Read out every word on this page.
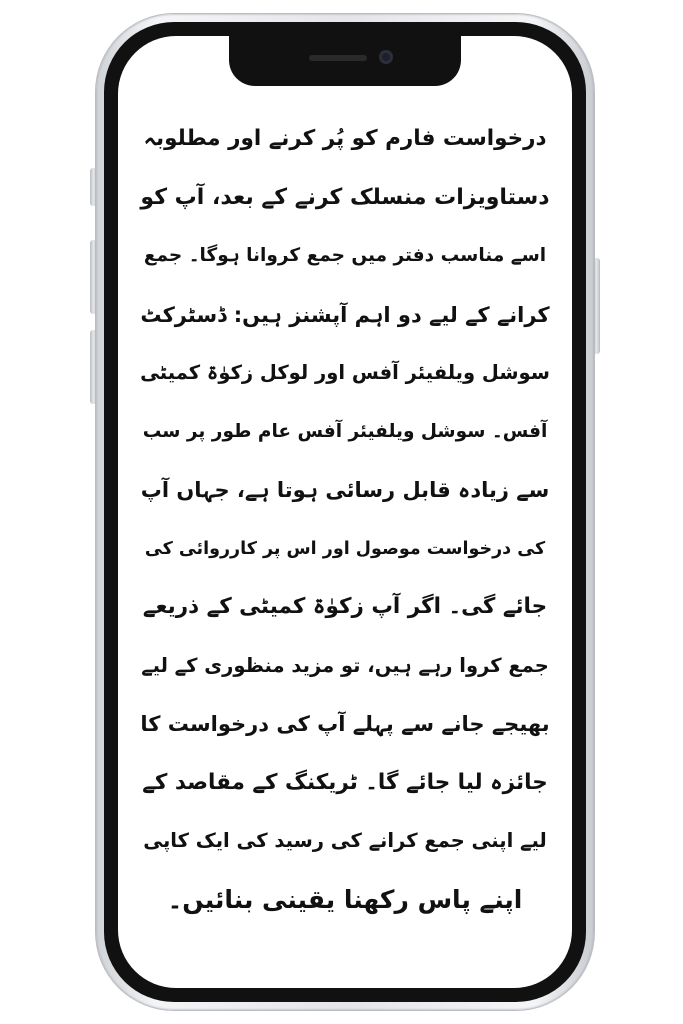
درخواست فارم کو پُر کرنے اور مطلوبہ
دستاویزات منسلک کرنے کے بعد، آپ کو
اسے مناسب دفتر میں جمع کروانا ہوگا۔ جمع
کرانے کے لیے دو اہم آپشنز ہیں: ڈسٹرکٹ
سوشل ویلفیئر آفس اور لوکل زکوٰۃ کمیٹی
آفس۔ سوشل ویلفیئر آفس عام طور پر سب
سے زیادہ قابل رسائی ہوتا ہے، جہاں آپ
کی درخواست موصول اور اس پر کارروائی کی
جائے گی۔ اگر آپ زکوٰۃ کمیٹی کے ذریعے
جمع کروا رہے ہیں، تو مزید منظوری کے لیے
بھیجے جانے سے پہلے آپ کی درخواست کا
جائزہ لیا جائے گا۔ ٹریکنگ کے مقاصد کے
لیے اپنی جمع کرانے کی رسید کی ایک کاپی
اپنے پاس رکھنا یقینی بنائیں۔
